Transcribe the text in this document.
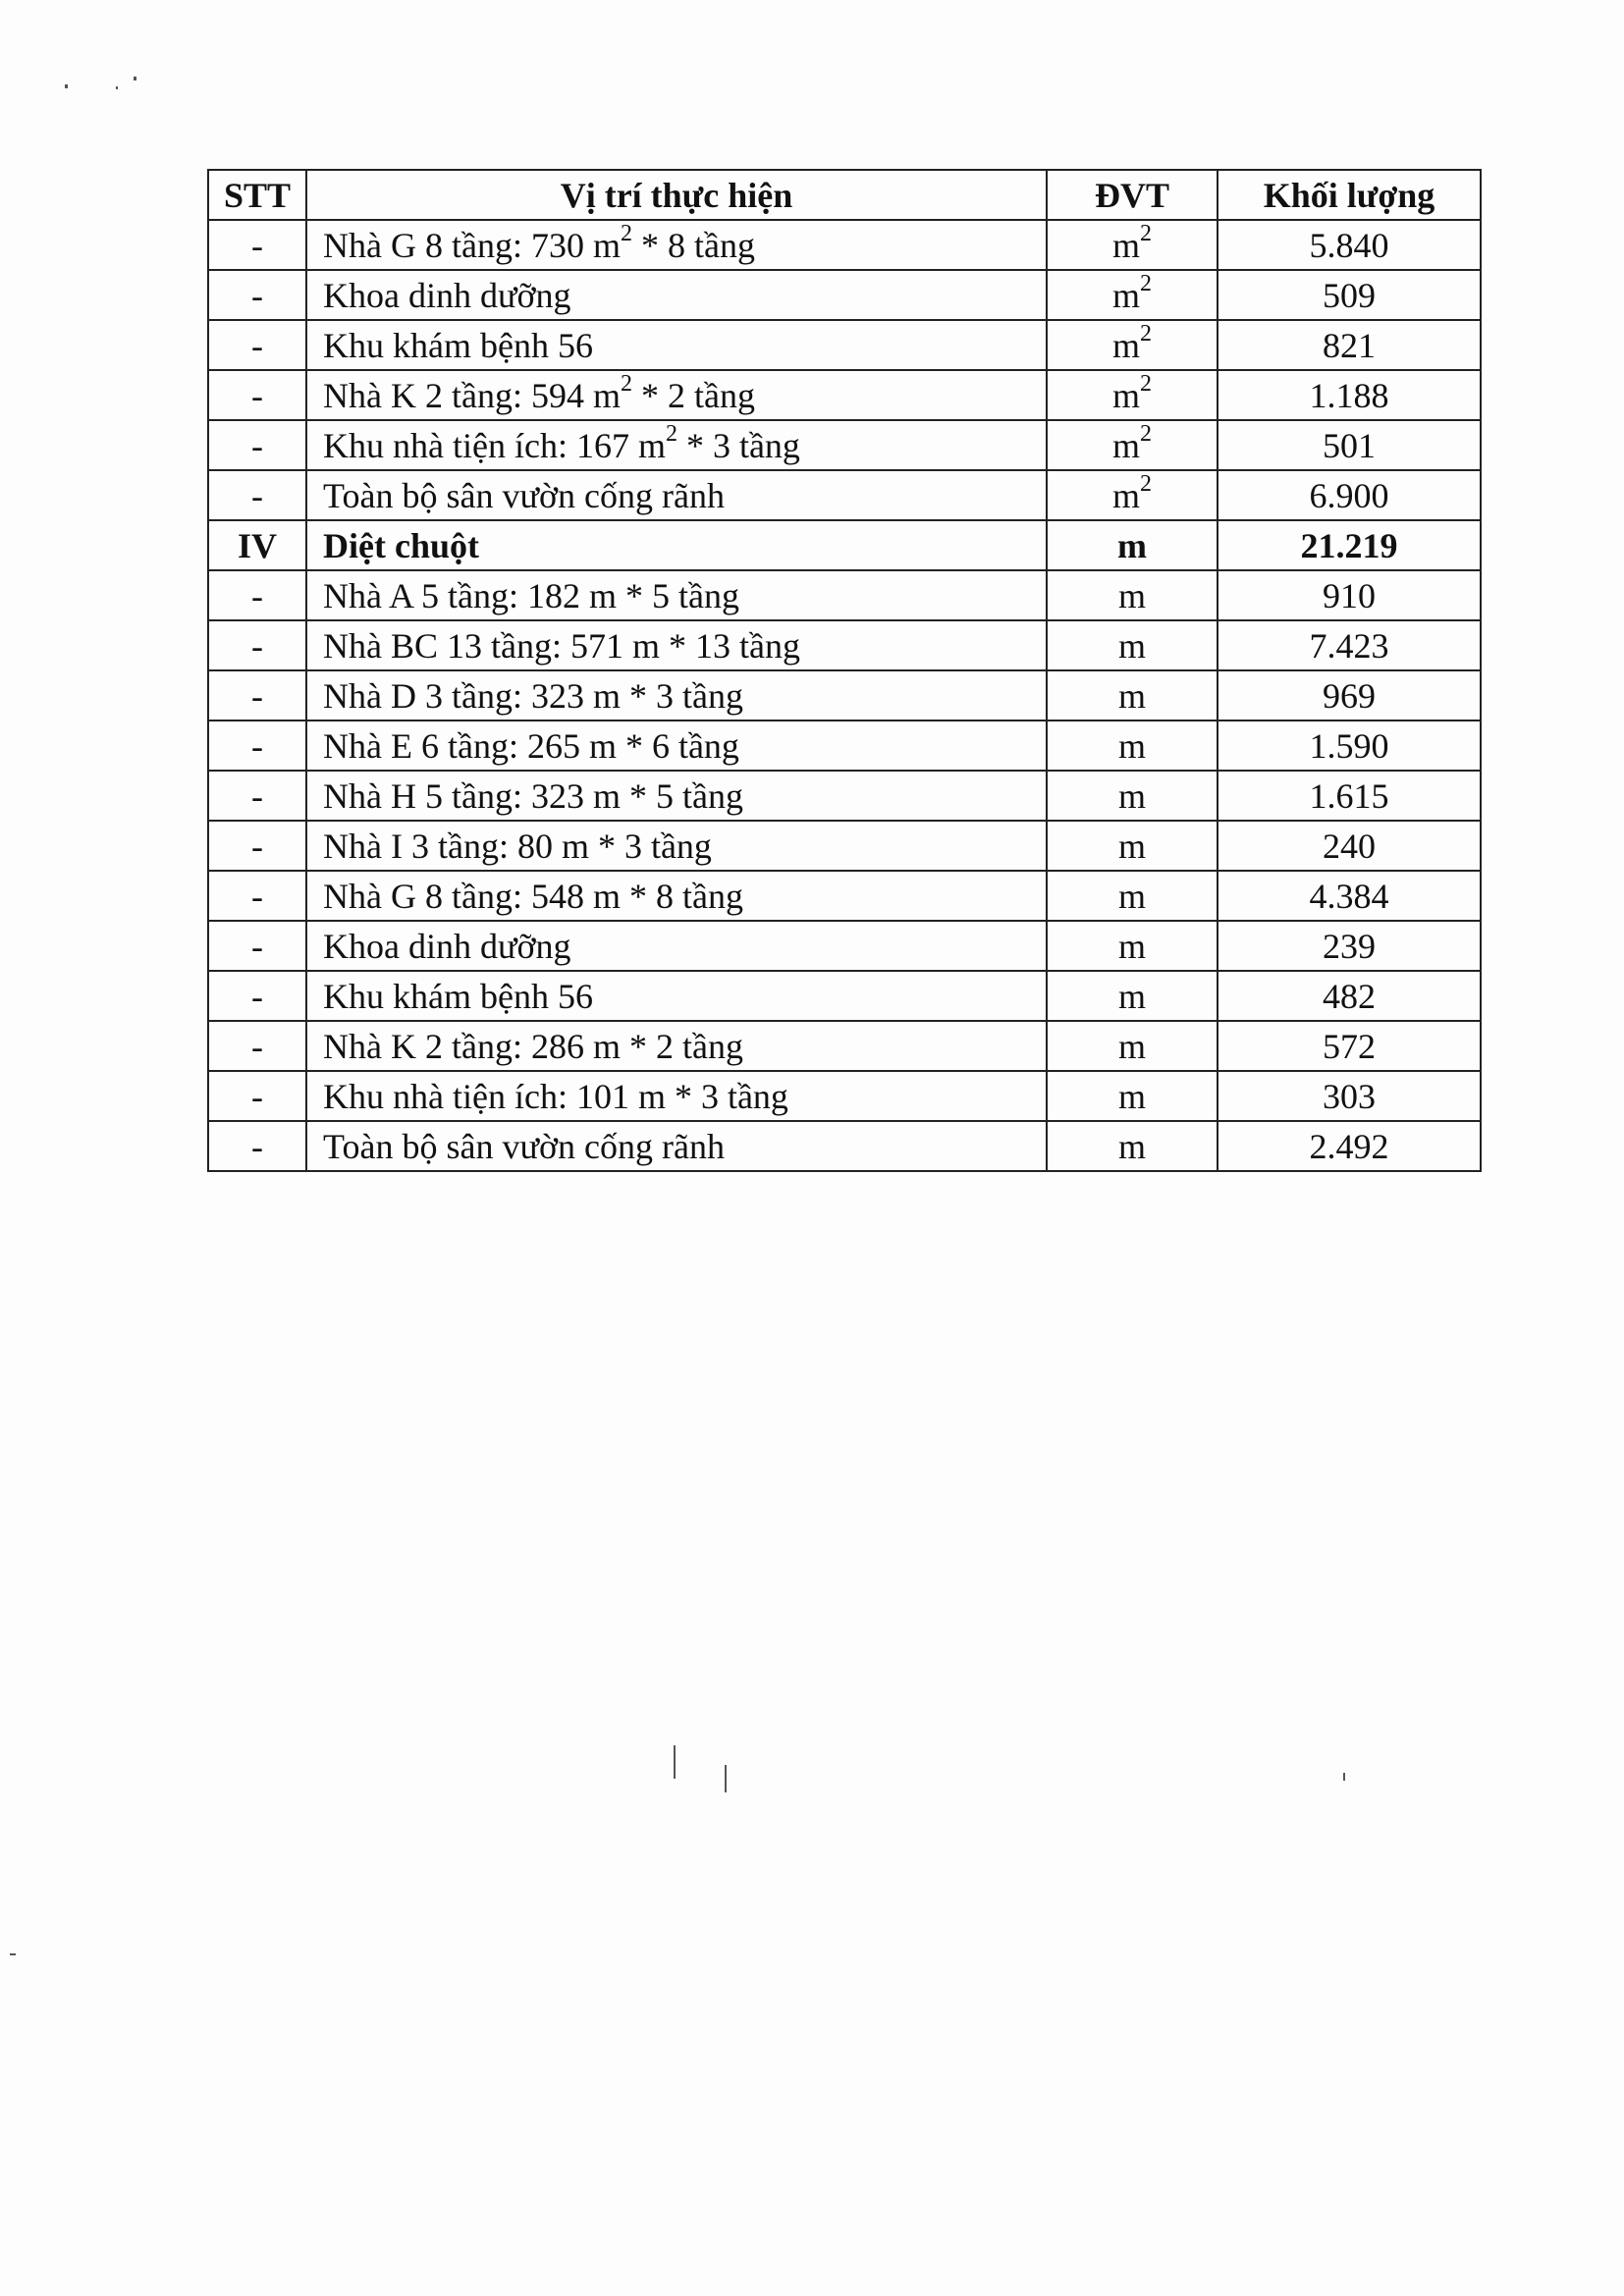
STT	Vị trí thực hiện	ĐVT	Khối lượng
-	Nhà G 8 tầng: 730 $m^2 * 8$ tầng	$m^2$	5.840
-	Khoa dinh dưỡng	$m^2$	509
-	Khu khám bệnh 56	$m^2$	821
-	Nhà K 2 tầng: 594 $m^2 * 2$ tầng	$m^2$	1.188
-	Khu nhà tiện ích: 167 $m^2 * 3$ tầng	$m^2$	501
-	Toàn bộ sân vườn cống rãnh	$m^2$	6.900
IV	Diệt chuột	m	21.219
-	Nhà A 5 tầng: 182 m * 5 tầng	m	910
-	Nhà BC 13 tầng: 571 m * 13 tầng	m	7.423
-	Nhà D 3 tầng: 323 m * 3 tầng	m	969
-	Nhà E 6 tầng: 265 m * 6 tầng	m	1.590
-	Nhà H 5 tầng: 323 m * 5 tầng	m	1.615
-	Nhà I 3 tầng: 80 m * 3 tầng	m	240
-	Nhà G 8 tầng: 548 m * 8 tầng	m	4.384
-	Khoa dinh dưỡng	m	239
-	Khu khám bệnh 56	m	482
-	Nhà K 2 tầng: 286 m * 2 tầng	m	572
-	Khu nhà tiện ích: 101 m * 3 tầng	m	303
-	Toàn bộ sân vườn cống rãnh	m	2.492
